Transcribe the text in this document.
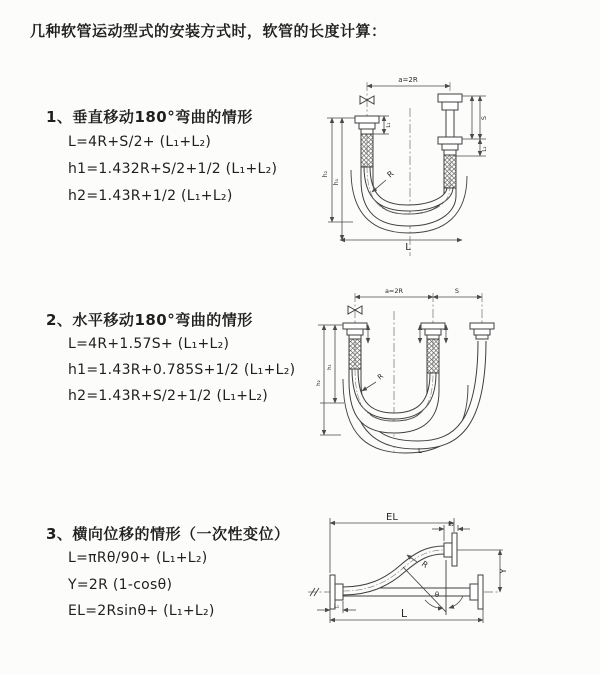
几种软管运动型式的安装方式时，软管的长度计算：
1、垂直移动180°弯曲的情形
L=4R+S/2+ (L₁+L₂)
h1=1.432R+S/2+1/2 (L₁+L₂)
h2=1.43R+1/2 (L₁+L₂)
2、水平移动180°弯曲的情形
L=4R+1.57S+ (L₁+L₂)
h1=1.43R+0.785S+1/2 (L₁+L₂)
h2=1.43R+S/2+1/2 (L₁+L₂)
3、横向位移的情形（一次性变位）
L=πRθ/90+ (L₁+L₂)
Y=2R (1-cosθ)
EL=2Rsinθ+ (L₁+L₂)
a=2R
h₂
h₁
L
L₁
S
L₂
R
a=2R	S
h₂
h₁
R
L
EL
L₂
Y
θ
R
L
L₁
